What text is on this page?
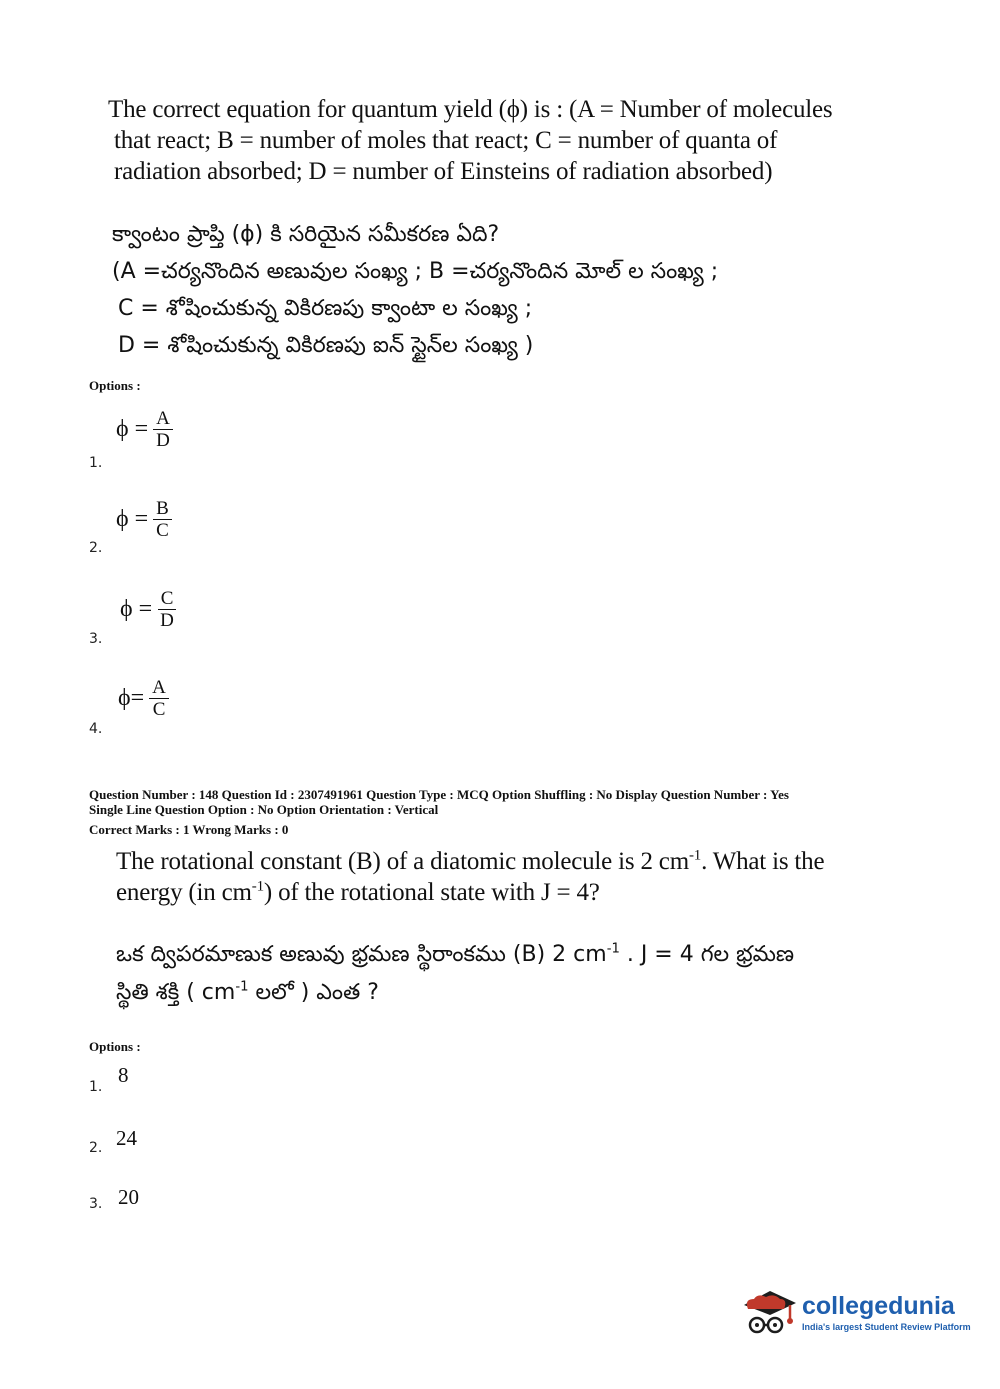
The correct equation for quantum yield (ϕ) is : (A = Number of molecules
that react; B = number of moles that react; C = number of quanta of
radiation absorbed; D = number of Einsteins of radiation absorbed)
క్వాంటం ప్రాప్తి (ϕ) కి సరియైన సమీకరణ ఏది?
(A =చర్యనొందిన అణువుల సంఖ్య ; B =చర్యనొందిన మోల్ ల సంఖ్య ;
C = శోషించుకున్న వికిరణపు క్వాంటా ల సంఖ్య ;
D = శోషించుకున్న వికిరణపు ఐన్ స్టైన్‌ల సంఖ్య )
Options :
$\phi = \frac{A}{D}$
1.
$\phi = \frac{B}{C}$
2.
$\phi = \frac{C}{D}$
3.
$\phi= \frac{A}{C}$
4.
Question Number : 148 Question Id : 2307491961 Question Type : MCQ Option Shuffling : No Display Question Number : Yes
Single Line Question Option : No Option Orientation : Vertical
Correct Marks : 1 Wrong Marks : 0
The rotational constant (B) of a diatomic molecule is 2 $cm^{-1}$. What is the
energy (in $cm^{-1}$) of the rotational state with J = 4?
ఒక ద్విపరమాణుక అణువు భ్రమణ స్థిరాంకము (B) 2 $cm^{-1}$ . J = 4 గల భ్రమణ
స్థితి శక్తి ( $cm^{-1}$ లలో ) ఎంత ?
Options :
8
1.
24
2.
20
3.
collegedunia
India's largest Student Review Platform
